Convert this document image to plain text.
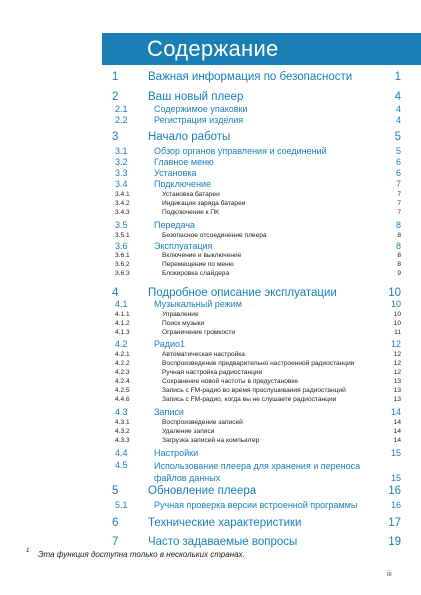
Содержание
1	Важная информация по безопасности	1
2	Ваш новый плеер	4
2.1	Содержимое упаковки	4
2.2	Регистрация изделия	4
3	Начало работы	5
3.1	Обзор органов управления и соединений	5
3.2	Главное меню	6
3.3	Установка	6
3.4	Подключение	7
3.4.1	Установка батареи	7
3.4.2	Индикация заряда батареи	7
3.4.3	Подключение к ПК	7
3.5	Передача	8
3.5.1	Безопасное отсоединение плеера	8
3.6	Эксплуатация	8
3.6.1	Включение и выключение	8
3.6.2	Перемещение по меню	8
3.6.3	Блокировка слайдера	9
4	Подробное описание эксплуатации	10
4.1	Музыкальный режим	10
4.1.1	Управление	10
4.1.2	Поиск музыки	10
4.1.3	Ограничение громкости	11
4.2	Радио1	12
4.2.1	Автоматическая настройка	12
4.2.2	Воспроизведение предварительно настроенной радиостанции	12
4.2.3	Ручная настройка радиостанции	12
4.2.4	Сохранение новой частоты в предустановке	13
4.2.5	Запись с FM-радио во время прослушивания радиостанций	13
4.4.6	Запись с FM-радио, когда вы не слушаете радиостанции	13
4.3	Записи	14
4.3.1	Воспроизведение записей	14
4.3.2	Удаление записи	14
4.3.3	Загрузка записей на компьютер	14
4.4	Настройки	15
4.5	Использование плеера для хранения и переноса файлов данных	15
5	Обновление плеера	16
5.1	Ручная проверка версии встроенной программы	16
6	Технические характеристики	17
7	Часто задаваемые вопросы	19
1 Эта функция доступна только в нескольких странах.
iii
